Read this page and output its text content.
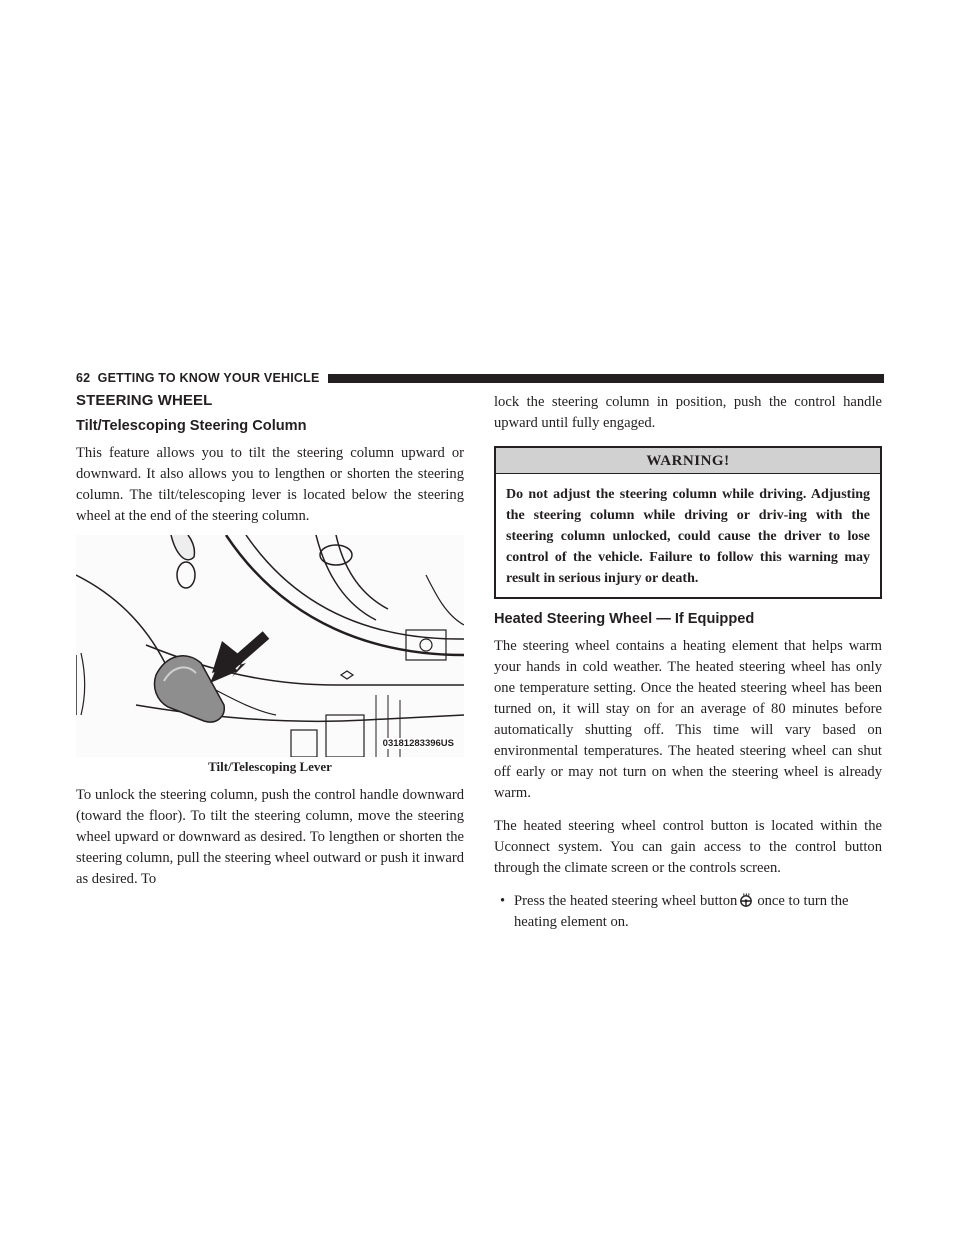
62 GETTING TO KNOW YOUR VEHICLE
STEERING WHEEL
Tilt/Telescoping Steering Column

This feature allows you to tilt the steering column upward or downward. It also allows you to lengthen or shorten the steering column. The tilt/telescoping lever is located below the steering wheel at the end of the steering column.

03181283396US
Tilt/Telescoping Lever

To unlock the steering column, push the control handle downward (toward the floor). To tilt the steering column, move the steering wheel upward or downward as desired. To lengthen or shorten the steering column, pull the steering wheel outward or push it inward as desired. To

lock the steering column in position, push the control handle upward until fully engaged.

WARNING!
Do not adjust the steering column while driving. Adjusting the steering column while driving or driv-ing with the steering column unlocked, could cause the driver to lose control of the vehicle. Failure to follow this warning may result in serious injury or death.
Heated Steering Wheel — If Equipped

The steering wheel contains a heating element that helps warm your hands in cold weather. The heated steering wheel has only one temperature setting. Once the heated steering wheel has been turned on, it will stay on for an average of 80 minutes before automatically shutting off. This time will vary based on environmental temperatures. The heated steering wheel can shut off early or may not turn on when the steering wheel is already warm.

The heated steering wheel control button is located within the Uconnect system. You can gain access to the control button through the climate screen or the controls screen.

• Press the heated steering wheel button once to turn the heating element on.
